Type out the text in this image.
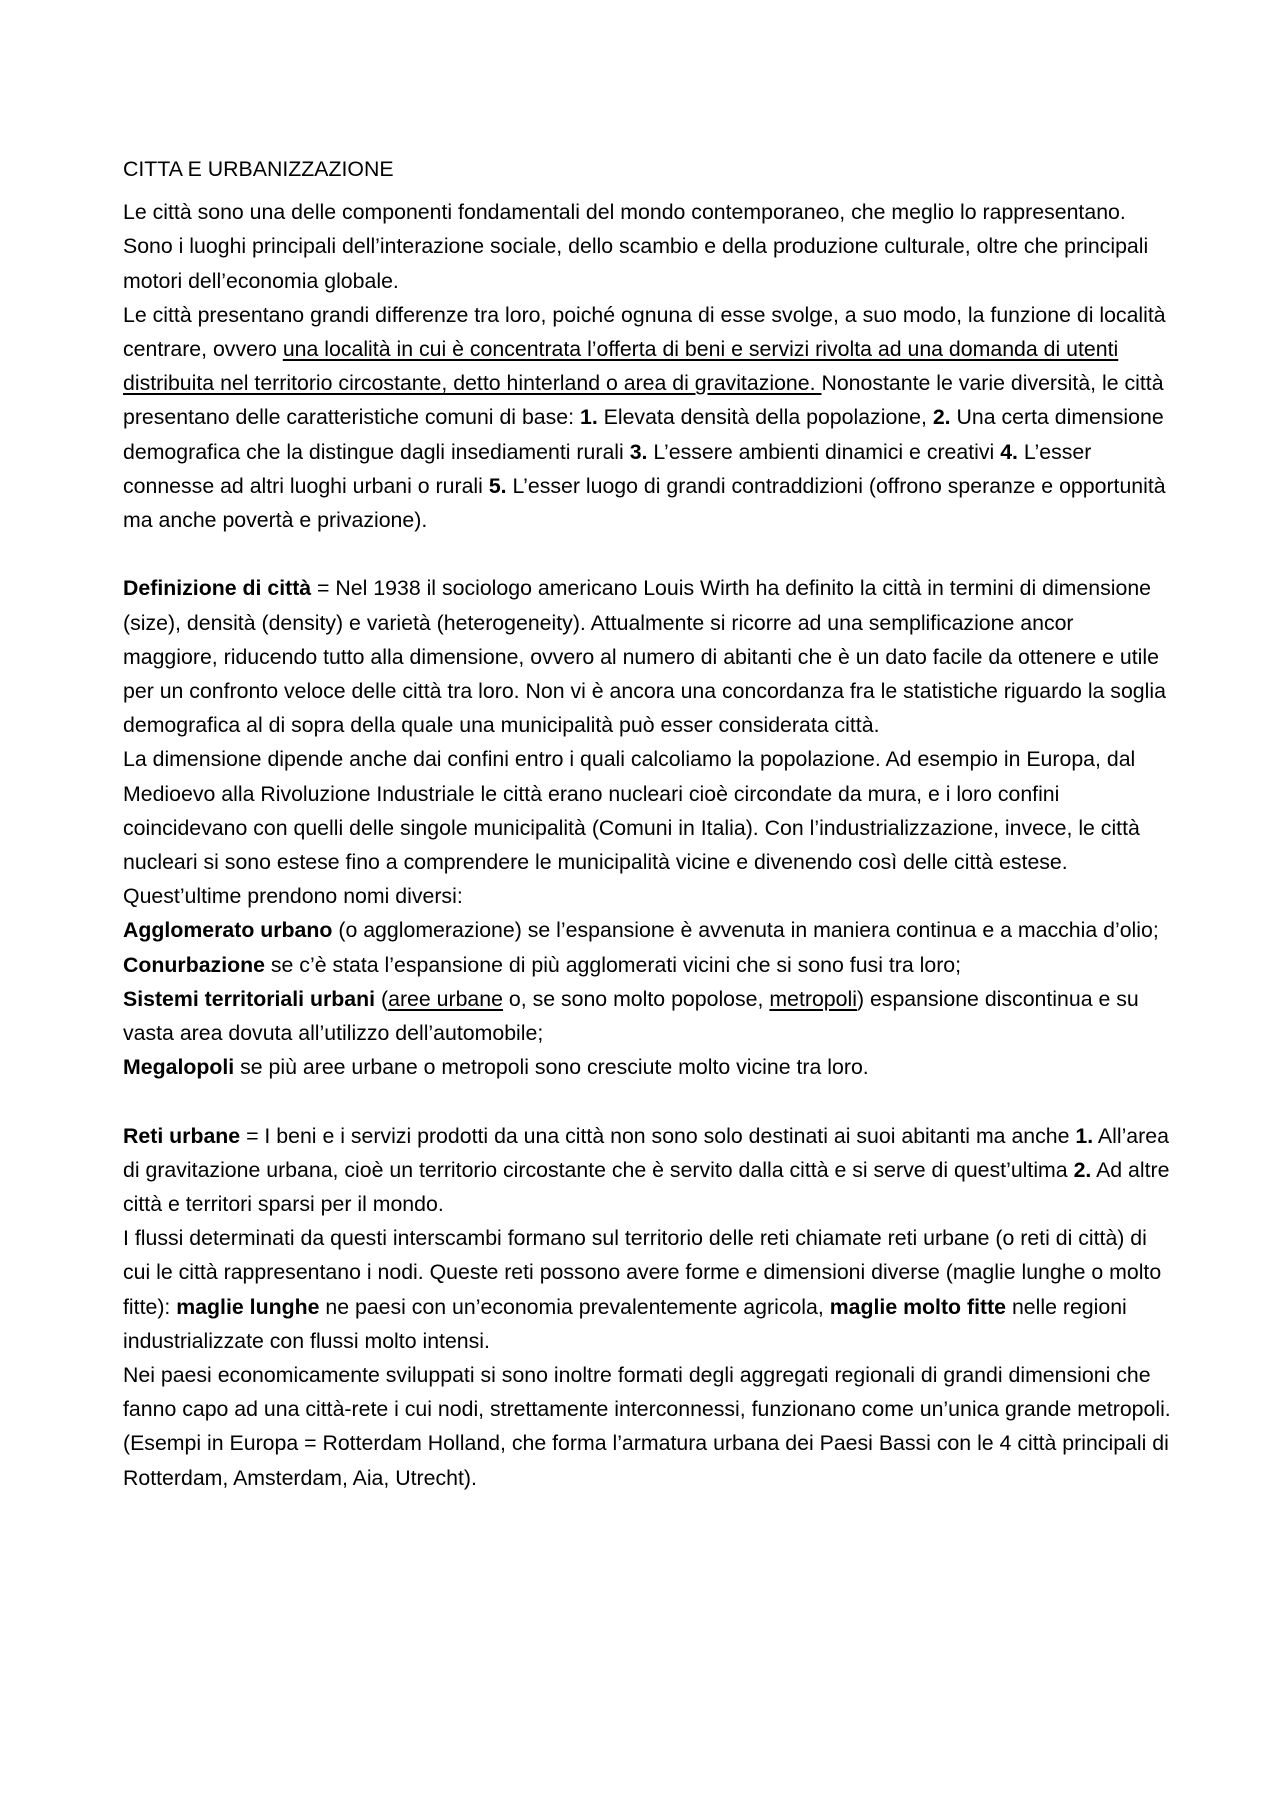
CITTA E URBANIZZAZIONE

Le città sono una delle componenti fondamentali del mondo contemporaneo, che meglio lo rappresentano. Sono i luoghi principali dell’interazione sociale, dello scambio e della produzione culturale, oltre che principali motori dell’economia globale.

Le città presentano grandi differenze tra loro, poiché ognuna di esse svolge, a suo modo, la funzione di località centrare, ovvero una località in cui è concentrata l’offerta di beni e servizi rivolta ad una domanda di utenti distribuita nel territorio circostante, detto hinterland o area di gravitazione. Nonostante le varie diversità, le città presentano delle caratteristiche comuni di base: 1. Elevata densità della popolazione, 2. Una certa dimensione demografica che la distingue dagli insediamenti rurali 3. L’essere ambienti dinamici e creativi 4. L’esser connesse ad altri luoghi urbani o rurali 5. L’esser luogo di grandi contraddizioni (offrono speranze e opportunità ma anche povertà e privazione).

Definizione di città = Nel 1938 il sociologo americano Louis Wirth ha definito la città in termini di dimensione (size), densità (density) e varietà (heterogeneity). Attualmente si ricorre ad una semplificazione ancor maggiore, riducendo tutto alla dimensione, ovvero al numero di abitanti che è un dato facile da ottenere e utile per un confronto veloce delle città tra loro. Non vi è ancora una concordanza fra le statistiche riguardo la soglia demografica al di sopra della quale una municipalità può esser considerata città.

La dimensione dipende anche dai confini entro i quali calcoliamo la popolazione. Ad esempio in Europa, dal Medioevo alla Rivoluzione Industriale le città erano nucleari cioè circondate da mura, e i loro confini coincidevano con quelli delle singole municipalità (Comuni in Italia). Con l’industrializzazione, invece, le città nucleari si sono estese fino a comprendere le municipalità vicine e divenendo così delle città estese. Quest’ultime prendono nomi diversi:

Agglomerato urbano (o agglomerazione) se l’espansione è avvenuta in maniera continua e a macchia d’olio;

Conurbazione se c’è stata l’espansione di più agglomerati vicini che si sono fusi tra loro;

Sistemi territoriali urbani (aree urbane o, se sono molto popolose, metropoli) espansione discontinua e su vasta area dovuta all’utilizzo dell’automobile;

Megalopoli se più aree urbane o metropoli sono cresciute molto vicine tra loro.

Reti urbane = I beni e i servizi prodotti da una città non sono solo destinati ai suoi abitanti ma anche 1. All’area di gravitazione urbana, cioè un territorio circostante che è servito dalla città e si serve di quest’ultima 2. Ad altre città e territori sparsi per il mondo.

I flussi determinati da questi interscambi formano sul territorio delle reti chiamate reti urbane (o reti di città) di cui le città rappresentano i nodi. Queste reti possono avere forme e dimensioni diverse (maglie lunghe o molto fitte): maglie lunghe ne paesi con un’economia prevalentemente agricola, maglie molto fitte nelle regioni industrializzate con flussi molto intensi.

Nei paesi economicamente sviluppati si sono inoltre formati degli aggregati regionali di grandi dimensioni che fanno capo ad una città-rete i cui nodi, strettamente interconnessi, funzionano come un’unica grande metropoli. (Esempi in Europa = Rotterdam Holland, che forma l’armatura urbana dei Paesi Bassi con le 4 città principali di Rotterdam, Amsterdam, Aia, Utrecht).
